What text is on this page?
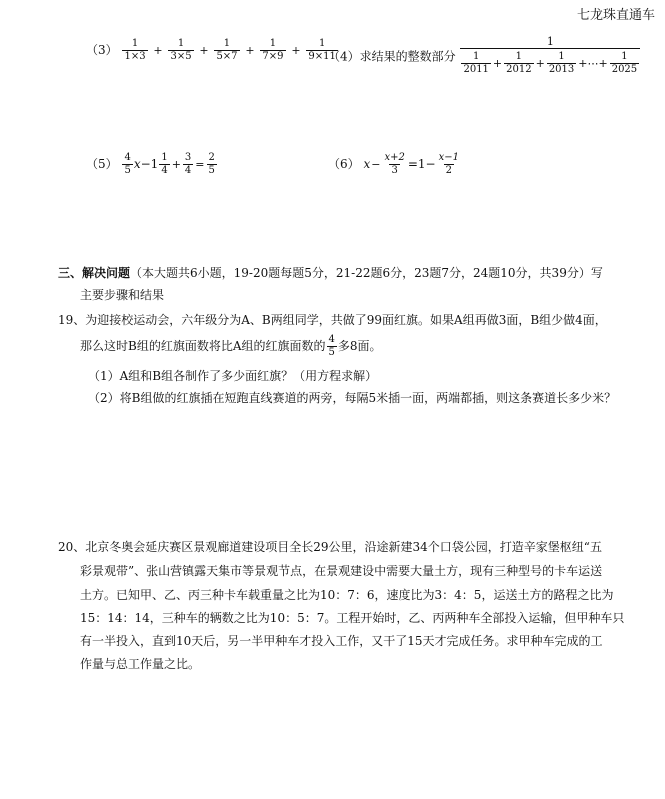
七龙珠直通车
$(3) \frac{1}{1\times 3} + \frac{1}{3\times 5} + \frac{1}{5\times 7} + \frac{1}{7\times 9} + \frac{1}{9\times 11}$
（4）求结果的整数部分
1
$\frac{1}{2011} + \frac{1}{2012} + \frac{1}{2013}$ +⋯+ $\frac{1}{2025}$
$(5) \frac{4}{5} x-1 \frac{1}{4} + \frac{3}{4} = \frac{2}{5}$	（6） $x- \frac{x+2}{3} =1- \frac{x-1}{2}$
三、解决问题（本大题共6小题，19-20题每题5分，21-22题6分，23题7分，24题10分，共39分）写
主要步骤和结果
19、为迎接校运动会，六年级分为A、B两组同学，共做了99面红旗。如果A组再做3面，B组少做4面，
那么这时B组的红旗面数将比A组的红旗面数的 $\frac{4}{5}$ 多8面。
（1）A组和B组各制作了多少面红旗？（用方程求解）
（2）将B组做的红旗插在短跑直线赛道的两旁，每隔5米插一面，两端都插，则这条赛道长多少米？
20、北京冬奥会延庆赛区景观廊道建设项目全长29公里，沿途新建34个口袋公园，打造辛家堡枢纽“五
彩景观带”、张山营镇露天集市等景观节点，在景观建设中需要大量土方，现有三种型号的卡车运送
土方。已知甲、乙、丙三种卡车载重量之比为10：7：6，速度比为3：4：5，运送土方的路程之比为
15：14：14，三种车的辆数之比为10：5：7。工程开始时，乙、丙两种车全部投入运输，但甲种车只
有一半投入，直到10天后，另一半甲种车才投入工作，又干了15天才完成任务。求甲种车完成的工
作量与总工作量之比。
